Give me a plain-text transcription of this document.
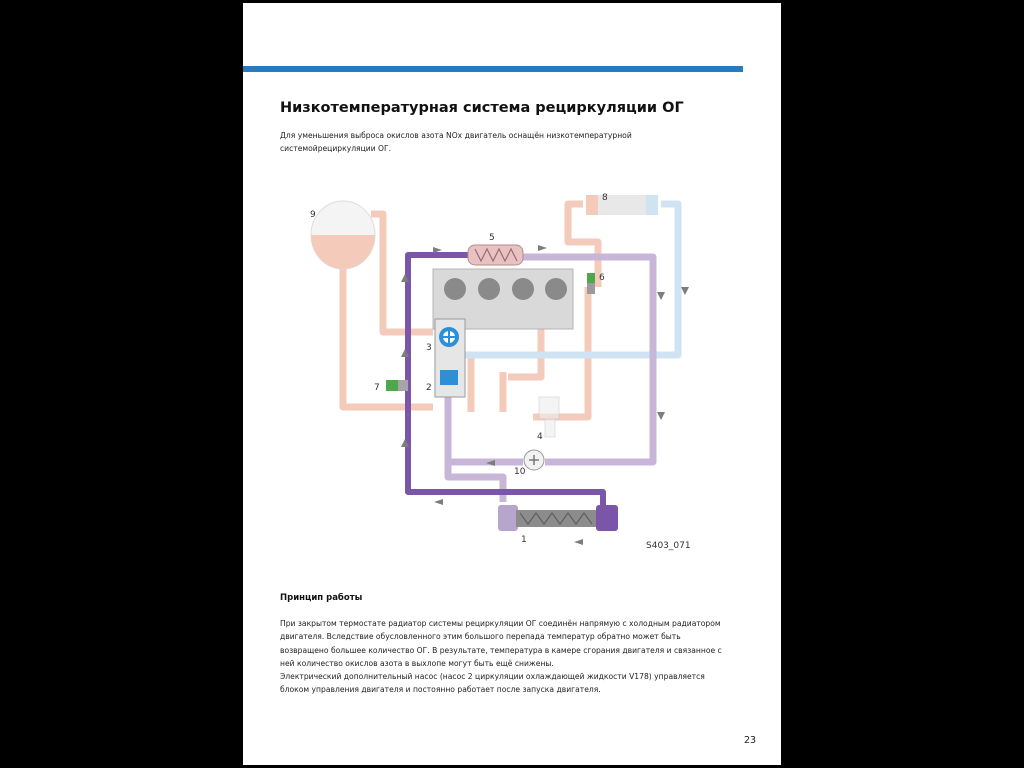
Низкотемпературная система рециркуляции ОГ

Для уменьшения выброса окислов азота NOx двигатель оснащён низкотемпературной системойрециркуляции ОГ.

Принцип работы
При закрытом термостате радиатор системы рециркуляции ОГ соединён напрямую с холодным радиатором двигателя. Вследствие обусловленного этим большого перепада температур обратно может быть возвращено большее количество ОГ. В результате, температура в камере сгорания двигателя и связанное с ней количество окислов азота в выхлопе могут быть ещё снижены.
Электрический дополнительный насос (насос 2 циркуляции охлаждающей жидкости V178) управляется блоком управления двигателя и постоянно работает после запуска двигателя.
23
9
5
8
6
3
2
7
4
10
1
S403_071
